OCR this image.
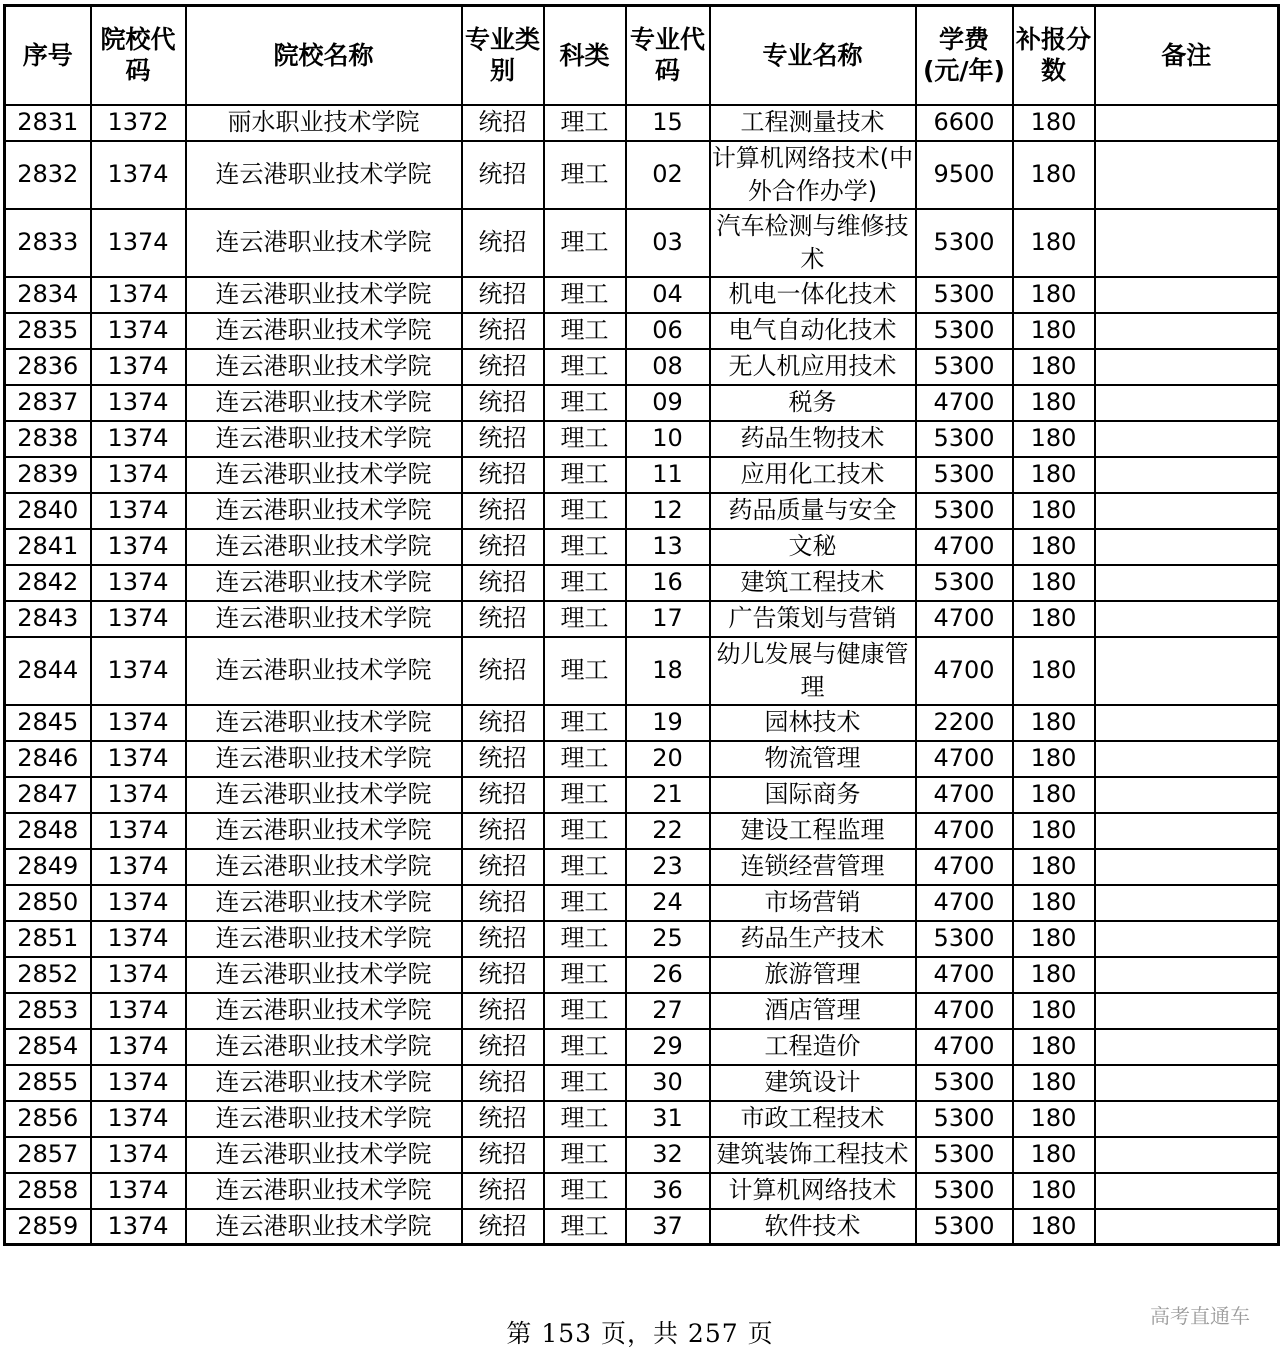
序号	院校代码	院校名称	专业类别	科类	专业代码	专业名称	学费(元/年)	补报分数	备注
2831	1372	丽水职业技术学院	统招	理工	15	工程测量技术	6600	180	
2832	1374	连云港职业技术学院	统招	理工	02	计算机网络技术(中外合作办学)	9500	180	
2833	1374	连云港职业技术学院	统招	理工	03	汽车检测与维修技术	5300	180	
2834	1374	连云港职业技术学院	统招	理工	04	机电一体化技术	5300	180	
2835	1374	连云港职业技术学院	统招	理工	06	电气自动化技术	5300	180	
2836	1374	连云港职业技术学院	统招	理工	08	无人机应用技术	5300	180	
2837	1374	连云港职业技术学院	统招	理工	09	税务	4700	180	
2838	1374	连云港职业技术学院	统招	理工	10	药品生物技术	5300	180	
2839	1374	连云港职业技术学院	统招	理工	11	应用化工技术	5300	180	
2840	1374	连云港职业技术学院	统招	理工	12	药品质量与安全	5300	180	
2841	1374	连云港职业技术学院	统招	理工	13	文秘	4700	180	
2842	1374	连云港职业技术学院	统招	理工	16	建筑工程技术	5300	180	
2843	1374	连云港职业技术学院	统招	理工	17	广告策划与营销	4700	180	
2844	1374	连云港职业技术学院	统招	理工	18	幼儿发展与健康管理	4700	180	
2845	1374	连云港职业技术学院	统招	理工	19	园林技术	2200	180	
2846	1374	连云港职业技术学院	统招	理工	20	物流管理	4700	180	
2847	1374	连云港职业技术学院	统招	理工	21	国际商务	4700	180	
2848	1374	连云港职业技术学院	统招	理工	22	建设工程监理	4700	180	
2849	1374	连云港职业技术学院	统招	理工	23	连锁经营管理	4700	180	
2850	1374	连云港职业技术学院	统招	理工	24	市场营销	4700	180	
2851	1374	连云港职业技术学院	统招	理工	25	药品生产技术	5300	180	
2852	1374	连云港职业技术学院	统招	理工	26	旅游管理	4700	180	
2853	1374	连云港职业技术学院	统招	理工	27	酒店管理	4700	180	
2854	1374	连云港职业技术学院	统招	理工	29	工程造价	4700	180	
2855	1374	连云港职业技术学院	统招	理工	30	建筑设计	5300	180	
2856	1374	连云港职业技术学院	统招	理工	31	市政工程技术	5300	180	
2857	1374	连云港职业技术学院	统招	理工	32	建筑装饰工程技术	5300	180	
2858	1374	连云港职业技术学院	统招	理工	36	计算机网络技术	5300	180	
2859	1374	连云港职业技术学院	统招	理工	37	软件技术	5300	180	
第 153 页，共 257 页
高考直通车
